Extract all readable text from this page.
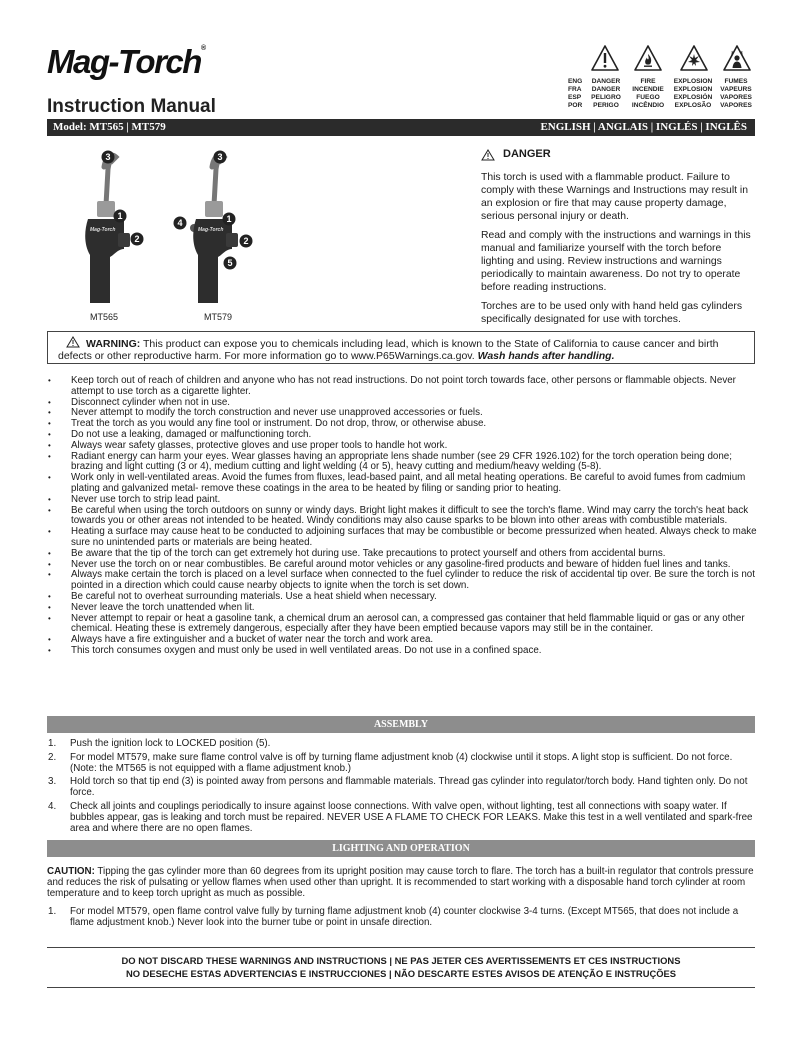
Mag-Torch®
Instruction Manual
ENG
FRA
ESP
POR
DANGER
DANGER
PELIGRO
PERIGO
FIRE
INCENDIE
FUEGO
INCÊNDIO
EXPLOSION
EXPLOSION
EXPLOSIÓN
EXPLOSÃO
FUMES
VAPEURS
VAPORES
VAPORES
Model: MT565 | MT579	ENGLISH | ANGLAIS | INGLÉS | INGLÊS
Mag-Torch	Mag-Torch
3
1
2
3
4	1
2
5
MT565	MT579
DANGER

This torch is used with a flammable product. Failure to comply with these Warnings and Instructions may result in an explosion or fire that may cause property damage, serious personal injury or death.

Read and comply with the instructions and warnings in this manual and familiarize yourself with the torch before lighting and using. Review instructions and warnings periodically to maintain awareness. Do not try to operate before reading instructions.

Torches are to be used only with hand held gas cylinders specifically designated for use with torches.

WARNING: This product can expose you to chemicals including lead, which is known to the State of California to cause cancer and birth defects or other reproductive harm. For more information go to www.P65Warnings.ca.gov. Wash hands after handling.
• Keep torch out of reach of children and anyone who has not read instructions. Do not point torch towards face, other persons or flammable objects. Never attempt to use torch as a cigarette lighter.
• Disconnect cylinder when not in use.
• Never attempt to modify the torch construction and never use unapproved accessories or fuels.
• Treat the torch as you would any fine tool or instrument. Do not drop, throw, or otherwise abuse.
• Do not use a leaking, damaged or malfunctioning torch.
• Always wear safety glasses, protective gloves and use proper tools to handle hot work.
• Radiant energy can harm your eyes. Wear glasses having an appropriate lens shade number (see 29 CFR 1926.102) for the torch operation being done; brazing and light cutting (3 or 4), medium cutting and light welding (4 or 5), heavy cutting and medium/heavy welding (5-8).
• Work only in well-ventilated areas. Avoid the fumes from fluxes, lead-based paint, and all metal heating operations. Be careful to avoid fumes from cadmium plating and galvanized metal- remove these coatings in the area to be heated by filing or sanding prior to heating.
• Never use torch to strip lead paint.
• Be careful when using the torch outdoors on sunny or windy days. Bright light makes it difficult to see the torch's flame. Wind may carry the torch's heat back towards you or other areas not intended to be heated. Windy conditions may also cause sparks to be blown into other areas with combustible materials.
• Heating a surface may cause heat to be conducted to adjoining surfaces that may be combustible or become pressurized when heated. Always check to make sure no unintended parts or materials are being heated.
• Be aware that the tip of the torch can get extremely hot during use. Take precautions to protect yourself and others from accidental burns.
• Never use the torch on or near combustibles. Be careful around motor vehicles or any gasoline-fired products and beware of hidden fuel lines and tanks.
• Always make certain the torch is placed on a level surface when connected to the fuel cylinder to reduce the risk of accidental tip over. Be sure the torch is not pointed in a direction which could cause nearby objects to ignite when the torch is set down.
• Be careful not to overheat surrounding materials. Use a heat shield when necessary.
• Never leave the torch unattended when lit.
• Never attempt to repair or heat a gasoline tank, a chemical drum an aerosol can, a compressed gas container that held flammable liquid or gas or any other chemical. Heating these is extremely dangerous, especially after they have been emptied because vapors may still be in the container.
• Always have a fire extinguisher and a bucket of water near the torch and work area.
• This torch consumes oxygen and must only be used in well ventilated areas. Do not use in a confined space.
ASSEMBLY
1. Push the ignition lock to LOCKED position (5).
2. For model MT579, make sure flame control valve is off by turning flame adjustment knob (4) clockwise until it stops. A light stop is sufficient. Do not force. (Note: the MT565 is not equipped with a flame adjustment knob.)
3. Hold torch so that tip end (3) is pointed away from persons and flammable materials. Thread gas cylinder into regulator/torch body. Hand tighten only. Do not force.
4. Check all joints and couplings periodically to insure against loose connections. With valve open, without lighting, test all connections with soapy water. If bubbles appear, gas is leaking and torch must be repaired. NEVER USE A FLAME TO CHECK FOR LEAKS. Make this test in a well ventilated and spark-free area and where there are no open flames.
LIGHTING AND OPERATION
CAUTION: Tipping the gas cylinder more than 60 degrees from its upright position may cause torch to flare. The torch has a built-in regulator that controls pressure and reduces the risk of pulsating or yellow flames when used other than upright. It is recommended to start working with a disposable hand torch cylinder at room temperature and to keep torch upright as much as possible.
1. For model MT579, open flame control valve fully by turning flame adjustment knob (4) counter clockwise 3-4 turns. (Except MT565, that does not include a flame adjustment knob.) Never look into the burner tube or point in unsafe direction.
DO NOT DISCARD THESE WARNINGS AND INSTRUCTIONS | NE PAS JETER CES AVERTISSEMENTS ET CES INSTRUCTIONS
NO DESECHE ESTAS ADVERTENCIAS E INSTRUCCIONES | NÃO DESCARTE ESTES AVISOS DE ATENÇÃO E INSTRUÇÕES
